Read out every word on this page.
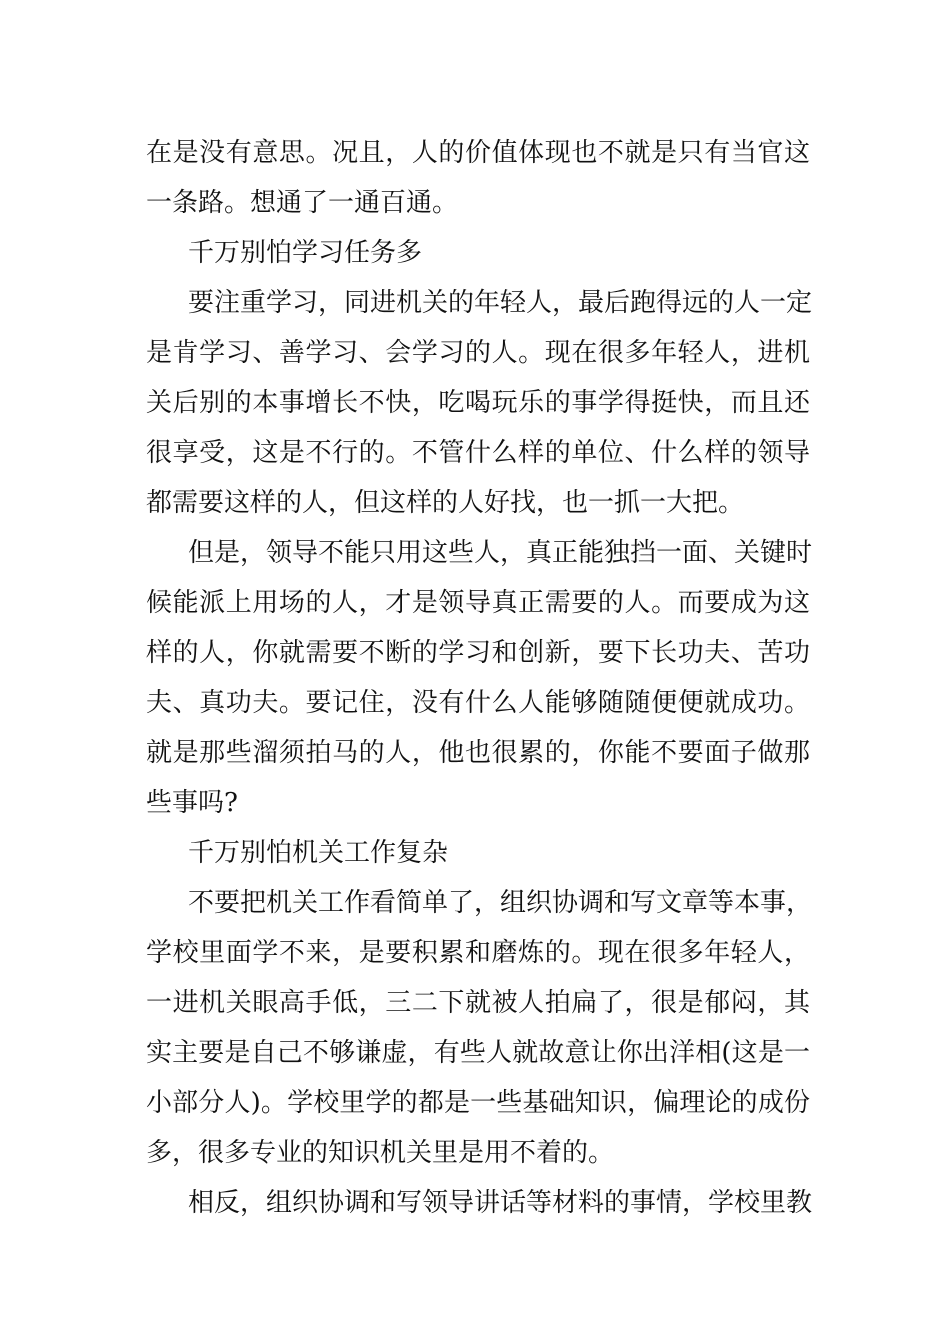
在是没有意思。况且，人的价值体现也不就是只有当官这
一条路。想通了一通百通。
千万别怕学习任务多
要注重学习，同进机关的年轻人，最后跑得远的人一定
是肯学习、善学习、会学习的人。现在很多年轻人，进机
关后别的本事增长不快，吃喝玩乐的事学得挺快，而且还
很享受，这是不行的。不管什么样的单位、什么样的领导
都需要这样的人，但这样的人好找，也一抓一大把。
但是，领导不能只用这些人，真正能独挡一面、关键时
候能派上用场的人，才是领导真正需要的人。而要成为这
样的人，你就需要不断的学习和创新，要下长功夫、苦功
夫、真功夫。要记住，没有什么人能够随随便便就成功。
就是那些溜须拍马的人，他也很累的，你能不要面子做那
些事吗?
千万别怕机关工作复杂
不要把机关工作看简单了，组织协调和写文章等本事，
学校里面学不来，是要积累和磨炼的。现在很多年轻人，
一进机关眼高手低，三二下就被人拍扁了，很是郁闷，其
实主要是自己不够谦虚，有些人就故意让你出洋相(这是一
小部分人)。学校里学的都是一些基础知识，偏理论的成份
多，很多专业的知识机关里是用不着的。
相反，组织协调和写领导讲话等材料的事情，学校里教
